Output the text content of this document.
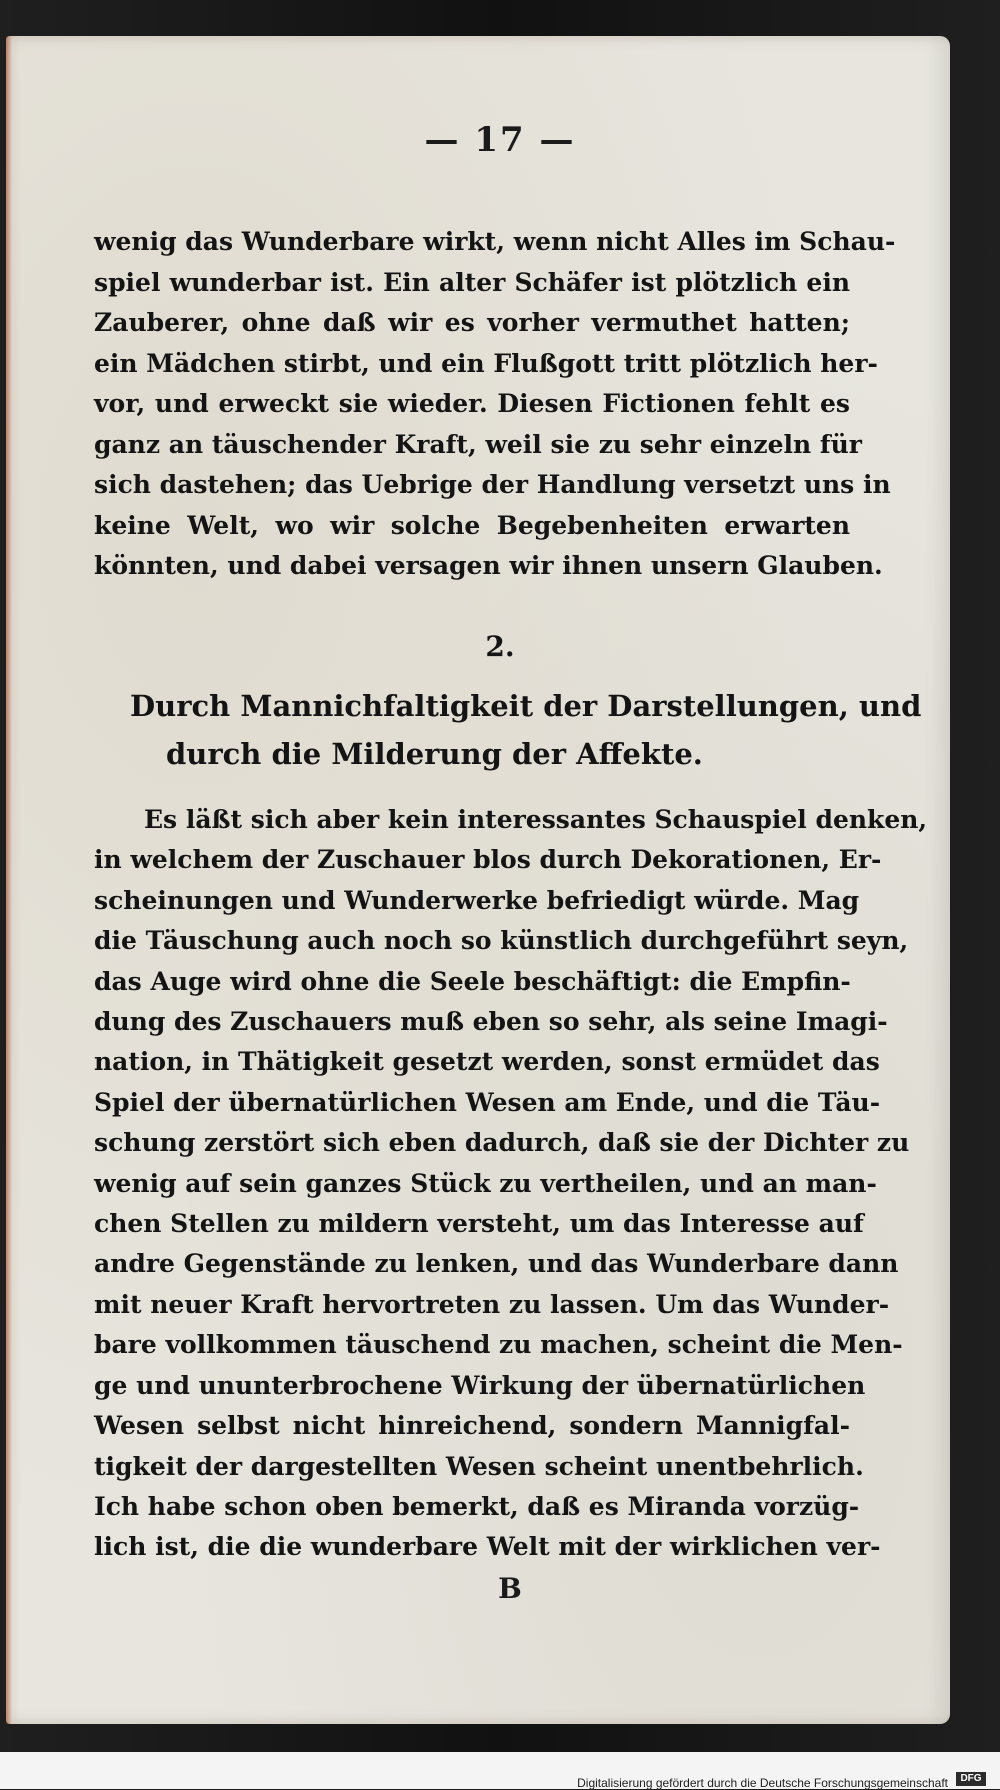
— 17 —
wenig das Wunderbare wirkt, wenn nicht Alles im Schau-
spiel wunderbar ist. Ein alter Schäfer ist plötzlich ein
Zauberer, ohne daß wir es vorher vermuthet hatten;
ein Mädchen stirbt, und ein Flußgott tritt plötzlich her-
vor, und erweckt sie wieder. Diesen Fictionen fehlt es
ganz an täuschender Kraft, weil sie zu sehr einzeln für
sich dastehen; das Uebrige der Handlung versetzt uns in
keine Welt, wo wir solche Begebenheiten erwarten
könnten, und dabei versagen wir ihnen unsern Glauben.
2.
Durch Mannichfaltigkeit der Darstellungen, und
durch die Milderung der Affekte.
Es läßt sich aber kein interessantes Schauspiel denken,
in welchem der Zuschauer blos durch Dekorationen, Er-
scheinungen und Wunderwerke befriedigt würde. Mag
die Täuschung auch noch so künstlich durchgeführt seyn,
das Auge wird ohne die Seele beschäftigt: die Empfin-
dung des Zuschauers muß eben so sehr, als seine Imagi-
nation, in Thätigkeit gesetzt werden, sonst ermüdet das
Spiel der übernatürlichen Wesen am Ende, und die Täu-
schung zerstört sich eben dadurch, daß sie der Dichter zu
wenig auf sein ganzes Stück zu vertheilen, und an man-
chen Stellen zu mildern versteht, um das Interesse auf
andre Gegenstände zu lenken, und das Wunderbare dann
mit neuer Kraft hervortreten zu lassen. Um das Wunder-
bare vollkommen täuschend zu machen, scheint die Men-
ge und ununterbrochene Wirkung der übernatürlichen
Wesen selbst nicht hinreichend, sondern Mannigfal-
tigkeit der dargestellten Wesen scheint unentbehrlich.
Ich habe schon oben bemerkt, daß es Miranda vorzüg-
lich ist, die die wunderbare Welt mit der wirklichen ver-
B
Digitalisierung gefördert durch die Deutsche Forschungsgemeinschaft	DFG
